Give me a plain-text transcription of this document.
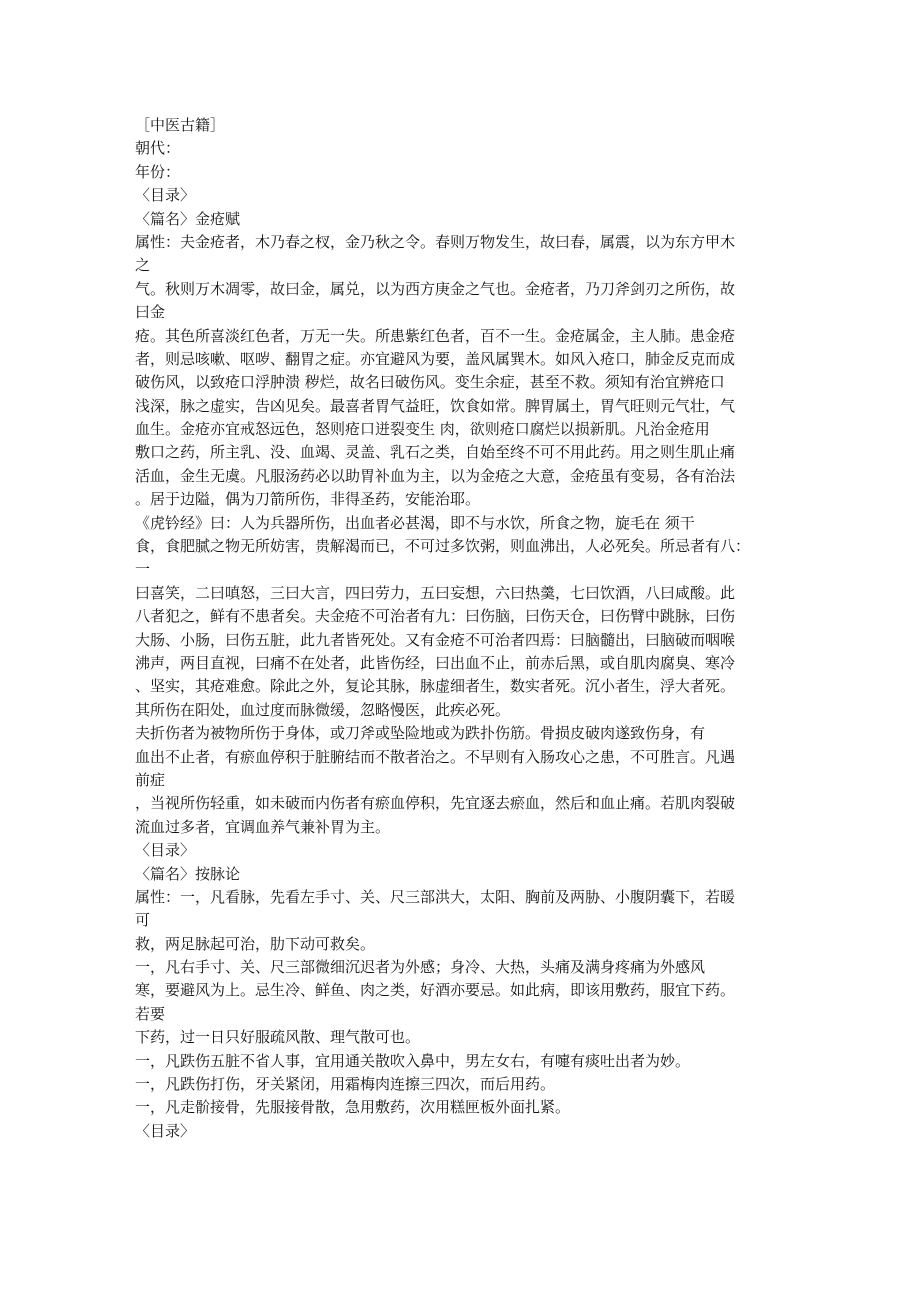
［中医古籍］
朝代：
年份：
〈目录〉
〈篇名〉金疮赋
属性：夫金疮者，木乃春之杈，金乃秋之令。春则万物发生，故曰春，属震，以为东方甲木
之
气。秋则万木凋零，故曰金，属兑，以为西方庚金之气也。金疮者，乃刀斧剑刃之所伤，故
曰金
疮。其色所喜淡红色者，万无一失。所患紫红色者，百不一生。金疮属金，主人肺。患金疮
者，则忌咳嗽、呕哕、翻胃之症。亦宜避风为要，盖风属巽木。如风入疮口，肺金反克而成
破伤风，以致疮口浮肿溃 秽烂，故名曰破伤风。变生余症，甚至不救。须知有治宜辨疮口
浅深，脉之虚实，告凶见矣。最喜者胃气益旺，饮食如常。脾胃属土，胃气旺则元气壮，气
血生。金疮亦宜戒怒远色，怒则疮口迸裂变生 肉，欲则疮口腐烂以损新肌。凡治金疮用
敷口之药，所主乳、没、血竭、灵盖、乳石之类，自始至终不可不用此药。用之则生肌止痛
活血，金生无虞。凡服汤药必以助胃补血为主，以为金疮之大意，金疮虽有变易，各有治法
。居于边隘，偶为刀箭所伤，非得圣药，安能治耶。
《虎钤经》曰：人为兵器所伤，出血者必甚渴，即不与水饮，所食之物，旋毛在 须干
食，食肥腻之物无所妨害，贵解渴而已，不可过多饮粥，则血沸出，人必死矣。所忌者有八：
一
曰喜笑，二曰嗔怒，三曰大言，四曰劳力，五曰妄想，六曰热羹，七曰饮酒，八曰咸酸。此
八者犯之，鲜有不患者矣。夫金疮不可治者有九：曰伤脑，曰伤天仓，曰伤臂中跳脉，曰伤
大肠、小肠，曰伤五脏，此九者皆死处。又有金疮不可治者四焉：曰脑髓出，曰脑破而咽喉
沸声，两目直视，曰痛不在处者，此皆伤经，曰出血不止，前赤后黑，或自肌肉腐臭、寒冷
、坚实，其疮难愈。除此之外，复论其脉，脉虚细者生，数实者死。沉小者生，浮大者死。
其所伤在阳处，血过度而脉微缓，忽略慢医，此疾必死。
夫折伤者为被物所伤于身体，或刀斧或坠险地或为跌扑伤筋。骨损皮破肉遂致伤身，有
血出不止者，有瘀血停积于脏腑结而不散者治之。不早则有入肠攻心之患，不可胜言。凡遇
前症
，当视所伤轻重，如未破而内伤者有瘀血停积，先宜逐去瘀血，然后和血止痛。若肌肉裂破
流血过多者，宜调血养气兼补胃为主。
〈目录〉
〈篇名〉按脉论
属性：一，凡看脉，先看左手寸、关、尺三部洪大，太阳、胸前及两胁、小腹阴囊下，若暖
可
救，两足脉起可治，肋下动可救矣。
一，凡右手寸、关、尺三部微细沉迟者为外感；身冷、大热，头痛及满身疼痛为外感风
寒，要避风为上。忌生冷、鲜鱼、肉之类，好酒亦要忌。如此病，即该用敷药，服宜下药。
若要
下药，过一日只好服疏风散、理气散可也。
一，凡跌伤五脏不省人事，宜用通关散吹入鼻中，男左女右，有嚏有痰吐出者为妙。
一，凡跌伤打伤，牙关紧闭，用霜梅肉连擦三四次，而后用药。
一，凡走骱接骨，先服接骨散，急用敷药，次用糕匣板外面扎紧。
〈目录〉
